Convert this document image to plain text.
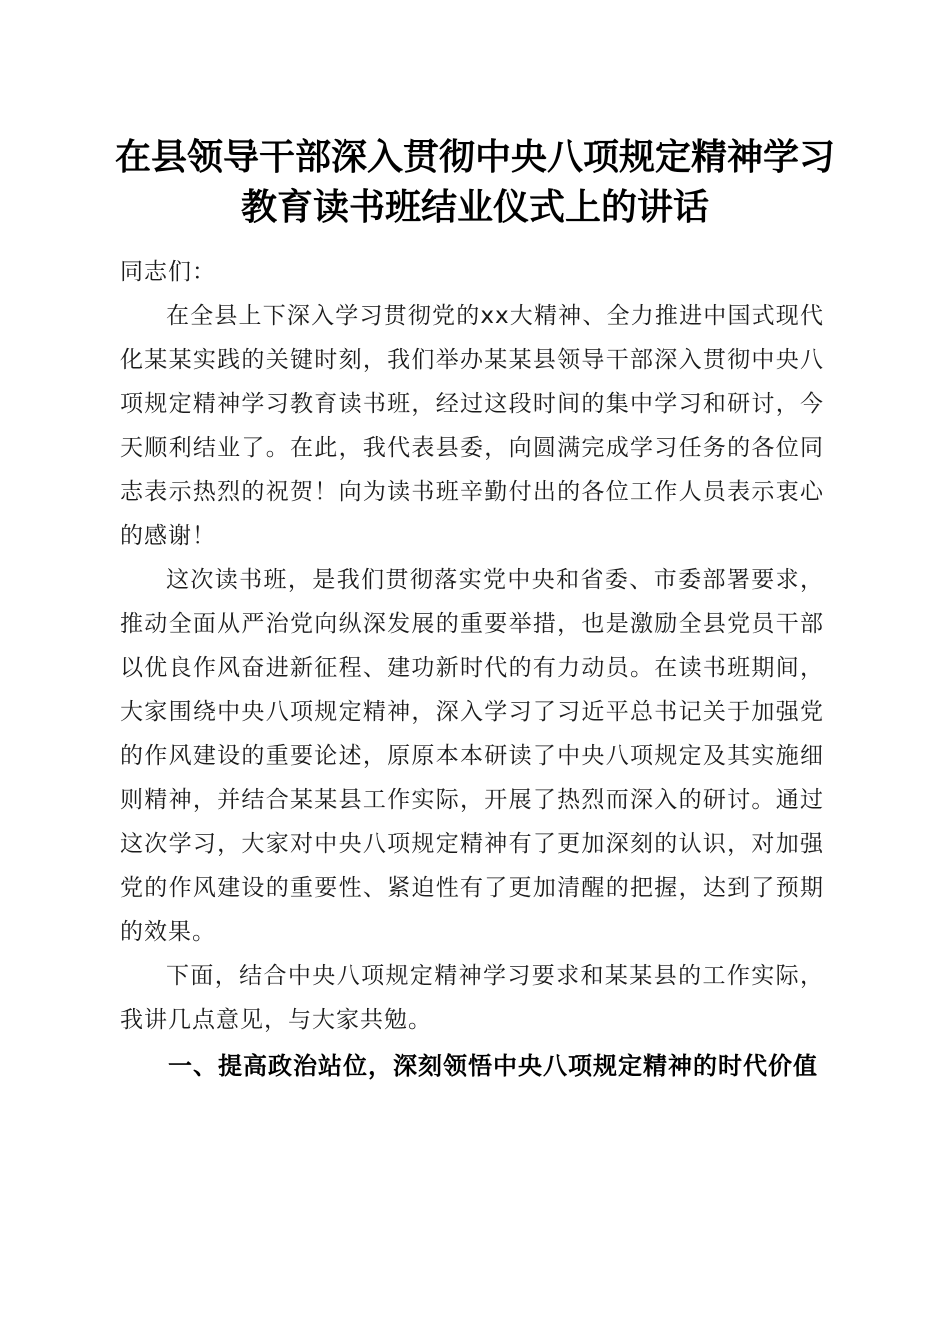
在县领导干部深入贯彻中央八项规定精神学习
教育读书班结业仪式上的讲话

同志们：

在全县上下深入学习贯彻党的xx大精神、全力推进中国式现代化某某实践的关键时刻，我们举办某某县领导干部深入贯彻中央八项规定精神学习教育读书班，经过这段时间的集中学习和研讨，今天顺利结业了。在此，我代表县委，向圆满完成学习任务的各位同志表示热烈的祝贺！向为读书班辛勤付出的各位工作人员表示衷心的感谢！

这次读书班，是我们贯彻落实党中央和省委、市委部署要求，推动全面从严治党向纵深发展的重要举措，也是激励全县党员干部以优良作风奋进新征程、建功新时代的有力动员。在读书班期间，大家围绕中央八项规定精神，深入学习了习近平总书记关于加强党的作风建设的重要论述，原原本本研读了中央八项规定及其实施细则精神，并结合某某县工作实际，开展了热烈而深入的研讨。通过这次学习，大家对中央八项规定精神有了更加深刻的认识，对加强党的作风建设的重要性、紧迫性有了更加清醒的把握，达到了预期的效果。

下面，结合中央八项规定精神学习要求和某某县的工作实际，我讲几点意见，与大家共勉。

一、提高政治站位，深刻领悟中央八项规定精神的时代价值
